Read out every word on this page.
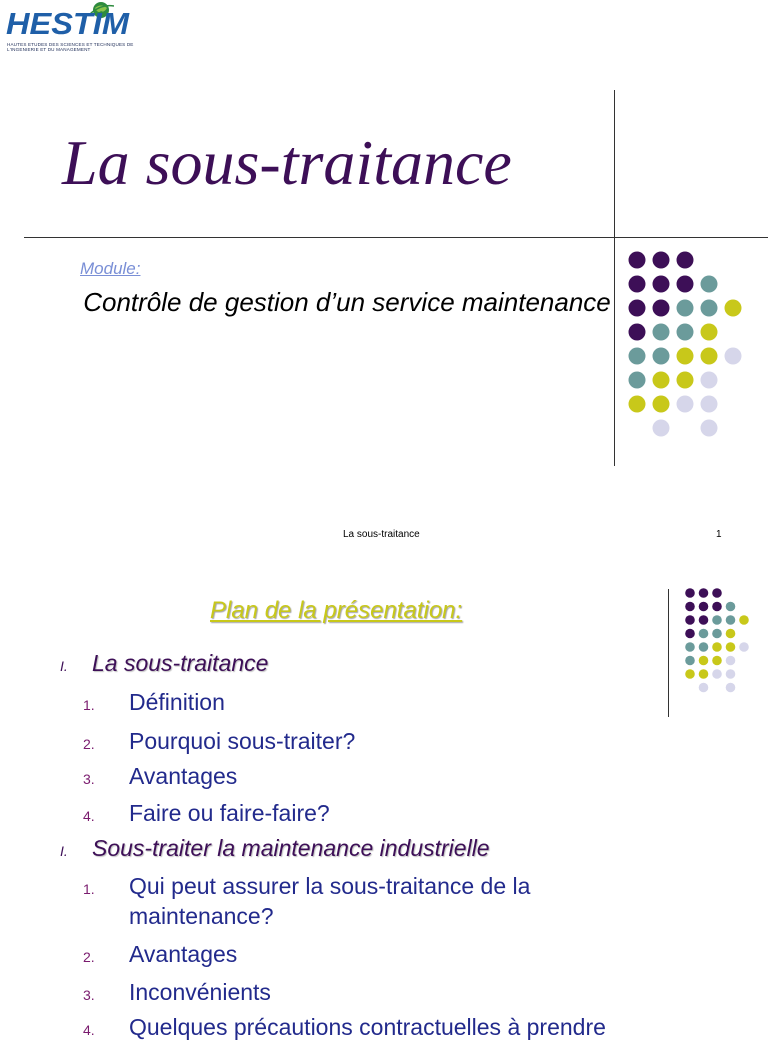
HESTIM
HAUTES ETUDES DES SCIENCES ET TECHNIQUES DE L'INGENIERIE ET DU MANAGEMENT
La sous-traitance
Module:
Contrôle de gestion d’un service maintenance
La sous-traitance	1
Plan de la présentation:
I. La sous-traitance
1. Définition
2. Pourquoi sous-traiter?
3. Avantages
4. Faire ou faire-faire?
I. Sous-traiter la maintenance industrielle
1. Qui peut assurer la sous-traitance de la maintenance?
2. Avantages
3. Inconvénients
4. Quelques précautions contractuelles à prendre
